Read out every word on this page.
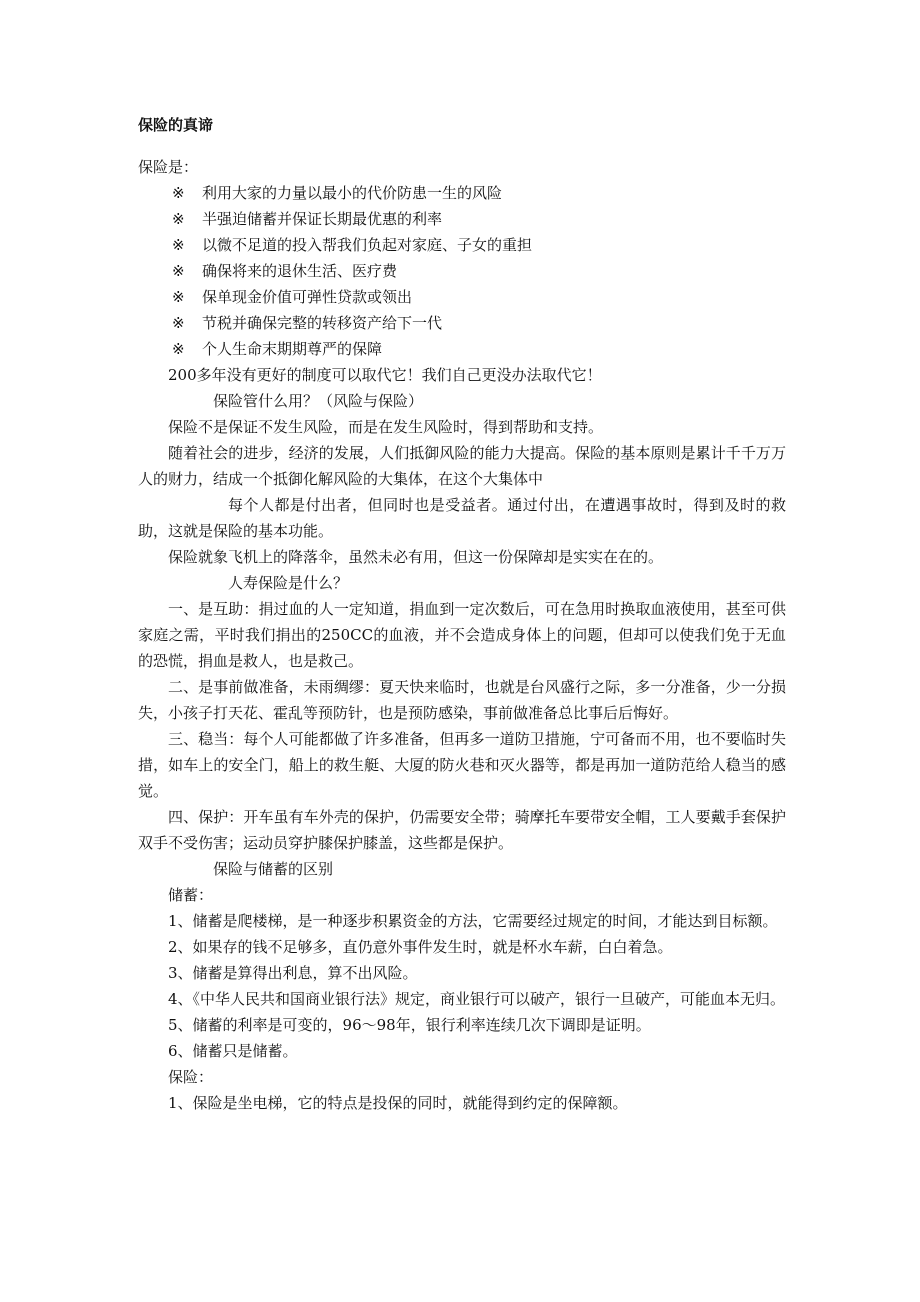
保险的真谛

保险是：

※ 利用大家的力量以最小的代价防患一生的风险

※ 半强迫储蓄并保证长期最优惠的利率

※ 以微不足道的投入帮我们负起对家庭、子女的重担

※ 确保将来的退休生活、医疗费

※ 保单现金价值可弹性贷款或领出

※ 节税并确保完整的转移资产给下一代

※ 个人生命末期期尊严的保障

200多年没有更好的制度可以取代它！我们自己更没办法取代它！

保险管什么用？（风险与保险）

保险不是保证不发生风险，而是在发生风险时，得到帮助和支持。

随着社会的进步，经济的发展，人们抵御风险的能力大提高。保险的基本原则是累计千千万万人的财力，结成一个抵御化解风险的大集体，在这个大集体中

每个人都是付出者，但同时也是受益者。通过付出，在遭遇事故时，得到及时的救助，这就是保险的基本功能。

保险就象飞机上的降落伞，虽然未必有用，但这一份保障却是实实在在的。

人寿保险是什么？

一、是互助：捐过血的人一定知道，捐血到一定次数后，可在急用时换取血液使用，甚至可供家庭之需，平时我们捐出的250CC的血液，并不会造成身体上的问题，但却可以使我们免于无血的恐慌，捐血是救人，也是救己。

二、是事前做准备，未雨绸缪：夏天快来临时，也就是台风盛行之际，多一分准备，少一分损失，小孩子打天花、霍乱等预防针，也是预防感染，事前做准备总比事后后悔好。

三、稳当：每个人可能都做了许多准备，但再多一道防卫措施，宁可备而不用，也不要临时失措，如车上的安全门，船上的救生艇、大厦的防火巷和灭火器等，都是再加一道防范给人稳当的感觉。

四、保护：开车虽有车外壳的保护，仍需要安全带；骑摩托车要带安全帽，工人要戴手套保护双手不受伤害；运动员穿护膝保护膝盖，这些都是保护。

保险与储蓄的区别

储蓄：

1、储蓄是爬楼梯，是一种逐步积累资金的方法，它需要经过规定的时间，才能达到目标额。

2、如果存的钱不足够多，直仍意外事件发生时，就是杯水车薪，白白着急。

3、储蓄是算得出利息，算不出风险。

4、《中华人民共和国商业银行法》规定，商业银行可以破产，银行一旦破产，可能血本无归。

5、储蓄的利率是可变的，96～98年，银行利率连续几次下调即是证明。

6、储蓄只是储蓄。

保险：

1、保险是坐电梯，它的特点是投保的同时，就能得到约定的保障额。
